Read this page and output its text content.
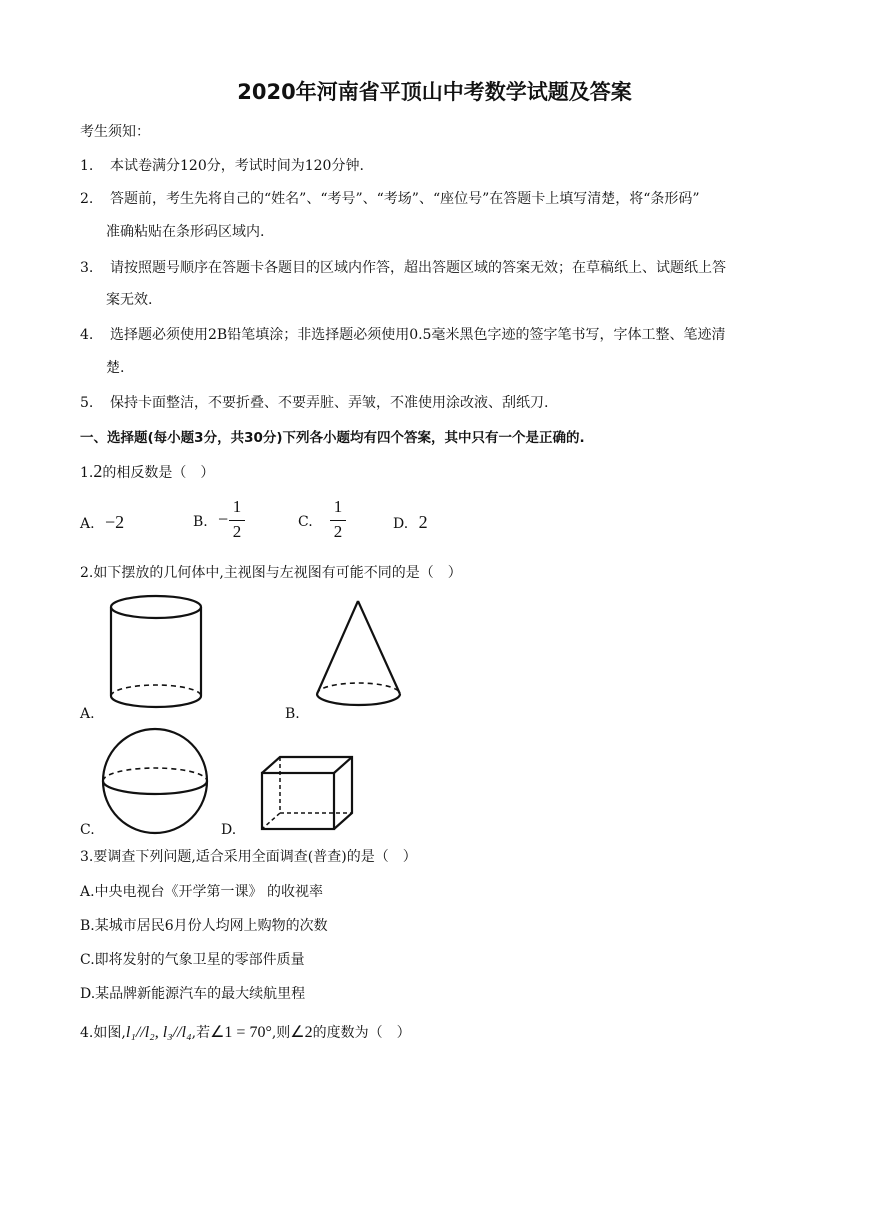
2020年河南省平顶山中考数学试题及答案
考生须知：
1. 本试卷满分120分，考试时间为120分钟.
2. 答题前，考生先将自己的“姓名”、“考号”、“考场”、“座位号”在答题卡上填写清楚，将“条形码”
准确粘贴在条形码区域内.
3. 请按照题号顺序在答题卡各题目的区域内作答，超出答题区域的答案无效；在草稿纸上、试题纸上答
案无效.
4. 选择题必须使用2B铅笔填涂；非选择题必须使用0.5毫米黑色字迹的签字笔书写，字体工整、笔迹清
楚.
5. 保持卡面整洁，不要折叠、不要弄脏、弄皱，不准使用涂改液、刮纸刀.
一、选择题(每小题3分，共30分)下列各小题均有四个答案，其中只有一个是正确的.
1.2的相反数是（　）
A. −2	B. −
1
2	C.
1
2	D. 2
2.如下摆放的几何体中,主视图与左视图有可能不同的是（　）
A.	B.
C.	D.
3.要调查下列问题,适合采用全面调查(普查)的是（　）
A.中央电视台《开学第一课》 的收视率
B.某城市居民6月份人均网上购物的次数
C.即将发射的气象卫星的零部件质量
D.某品牌新能源汽车的最大续航里程
4.如图,l₁//l₂, l₃//l₄,若∠1 = 70°,则∠2的度数为（　）
